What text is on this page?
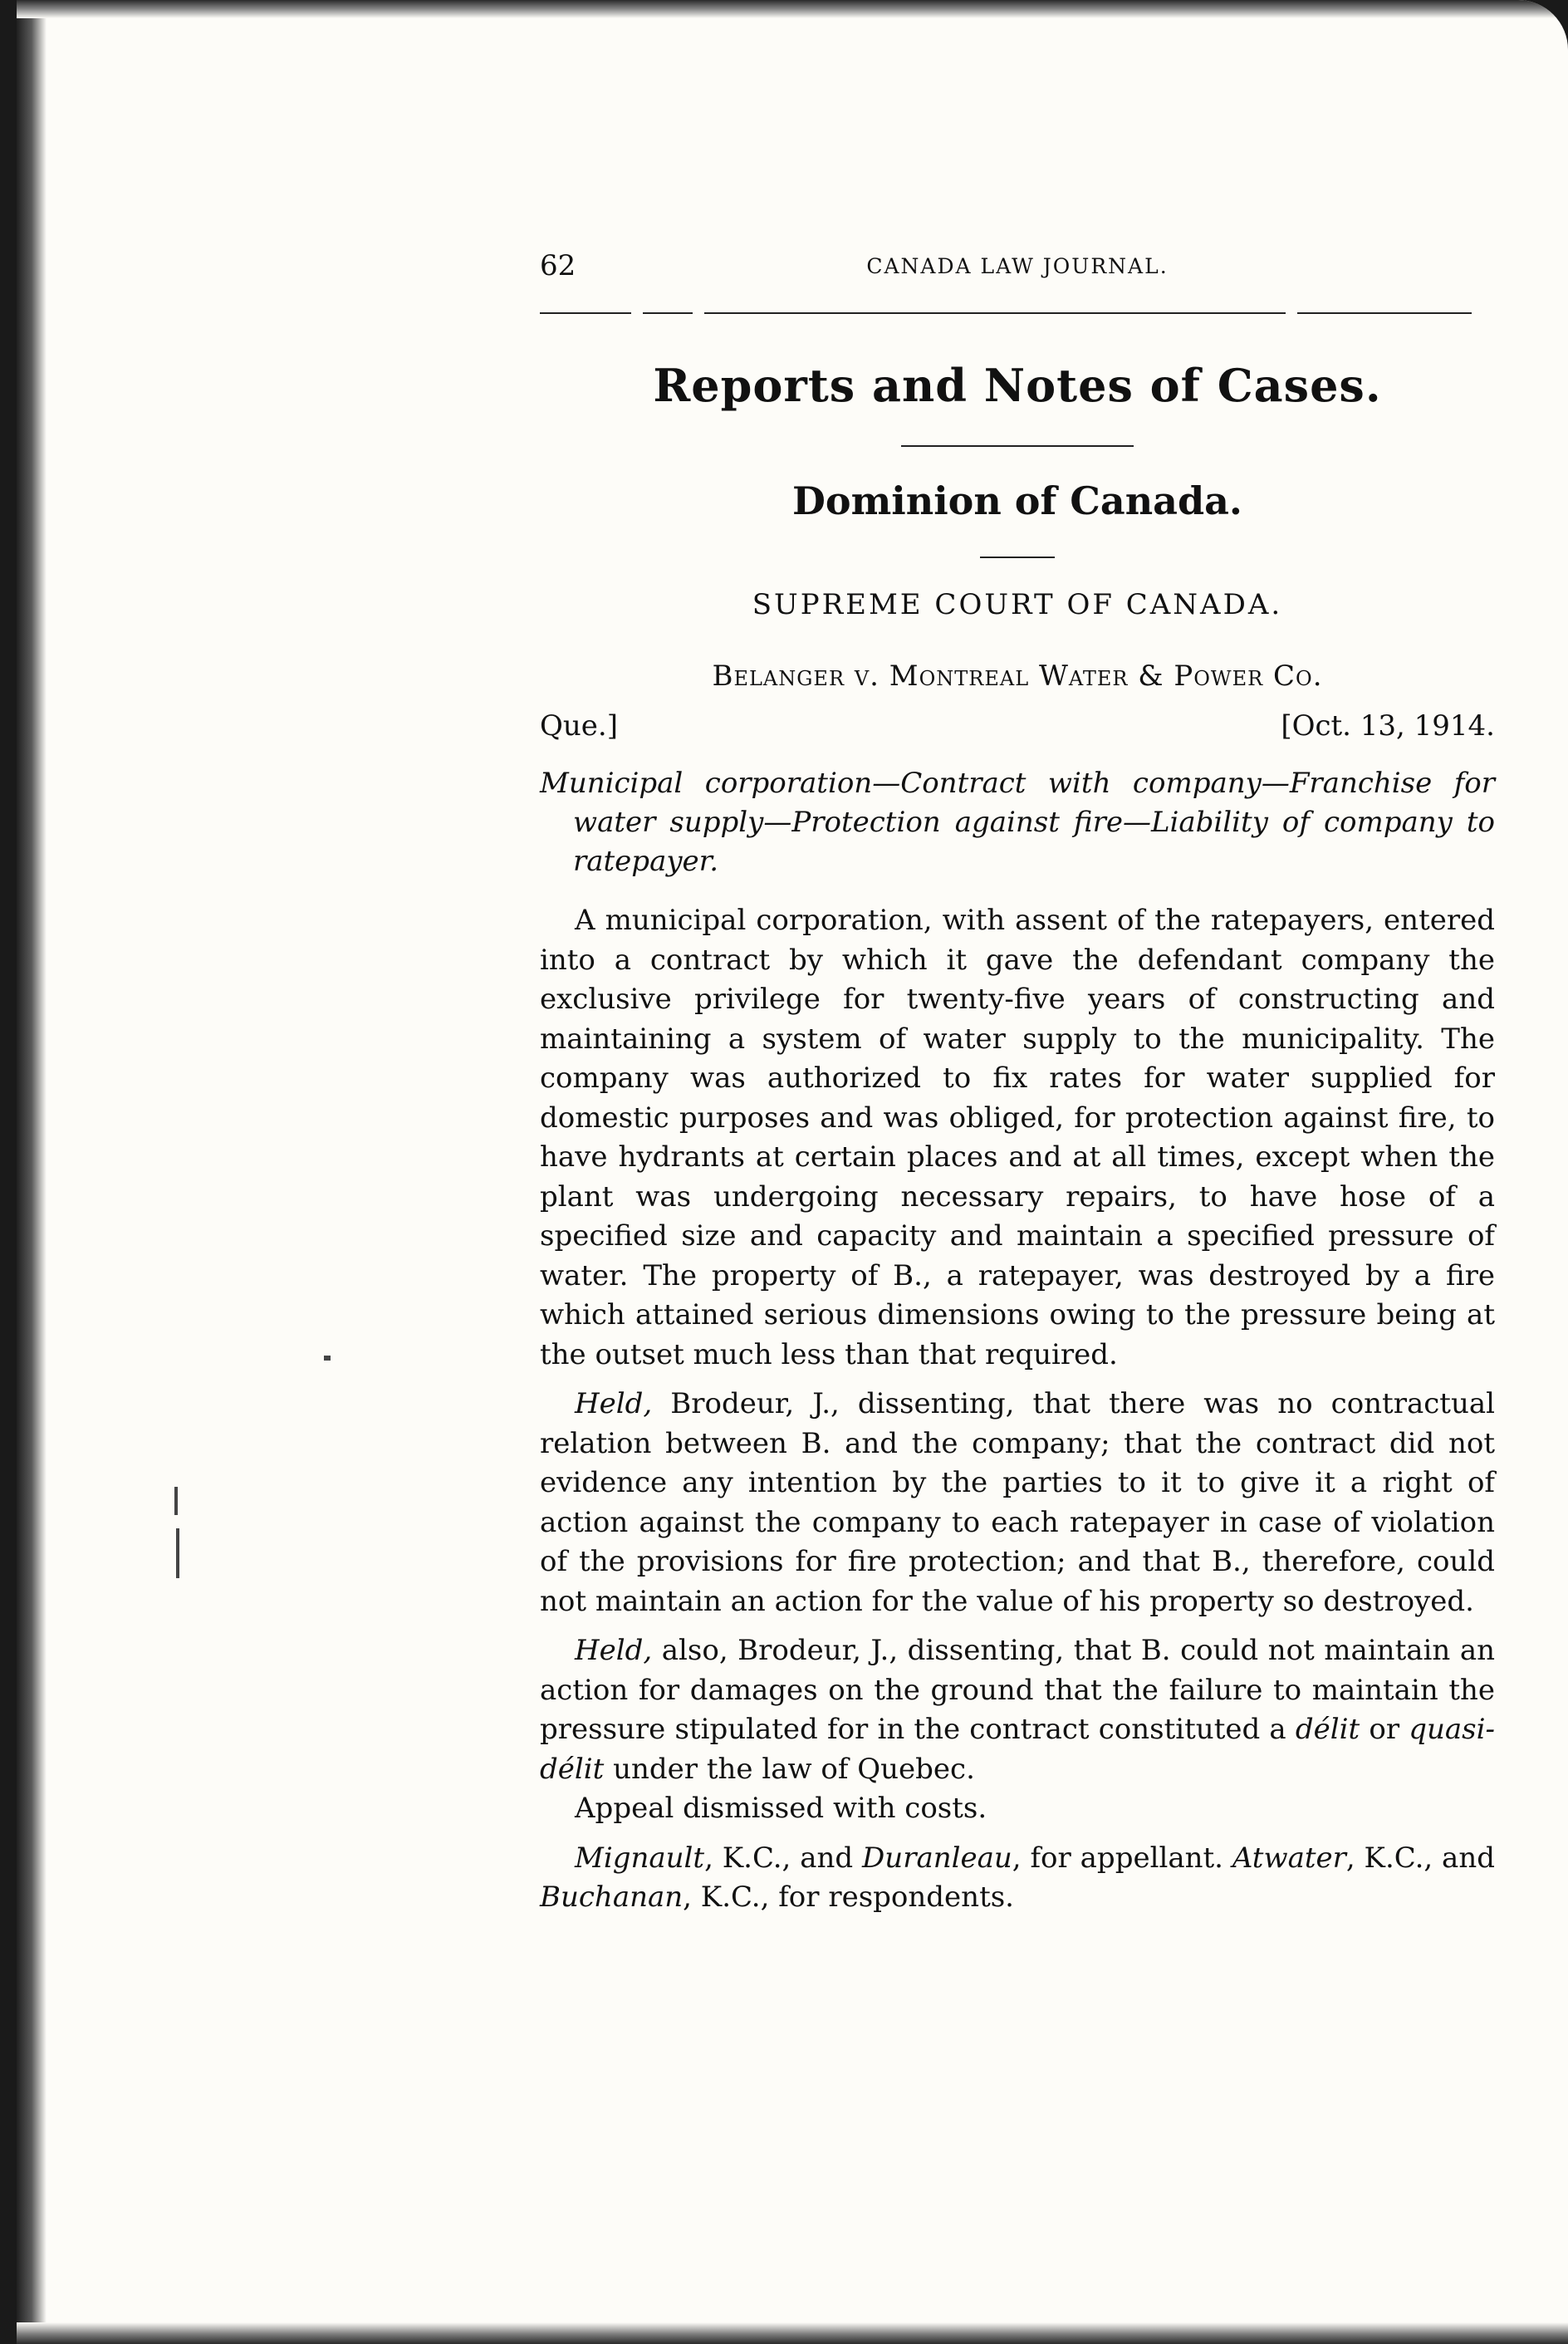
62	CANADA LAW JOURNAL.
Reports and Notes of Cases.
Dominion of Canada.
SUPREME COURT OF CANADA.
Belanger v. Montreal Water & Power Co.
Que.]	[Oct. 13, 1914.
Municipal corporation—Contract with company—Franchise for water supply—Protection against fire—Liability of company to ratepayer.

A municipal corporation, with assent of the ratepayers, entered into a contract by which it gave the defendant company the exclusive privilege for twenty-five years of constructing and maintaining a system of water supply to the municipality. The company was authorized to fix rates for water supplied for domestic purposes and was obliged, for protection against fire, to have hydrants at certain places and at all times, except when the plant was undergoing necessary repairs, to have hose of a specified size and capacity and maintain a specified pressure of water. The property of B., a ratepayer, was destroyed by a fire which attained serious dimensions owing to the pressure being at the outset much less than that required.

Held, Brodeur, J., dissenting, that there was no contractual relation between B. and the company; that the contract did not evidence any intention by the parties to it to give it a right of action against the company to each ratepayer in case of violation of the provisions for fire protection; and that B., therefore, could not maintain an action for the value of his property so destroyed.

Held, also, Brodeur, J., dissenting, that B. could not maintain an action for damages on the ground that the failure to maintain the pressure stipulated for in the contract constituted a délit or quasi-délit under the law of Quebec.

Appeal dismissed with costs.

Mignault, K.C., and Duranleau, for appellant. Atwater, K.C., and Buchanan, K.C., for respondents.
